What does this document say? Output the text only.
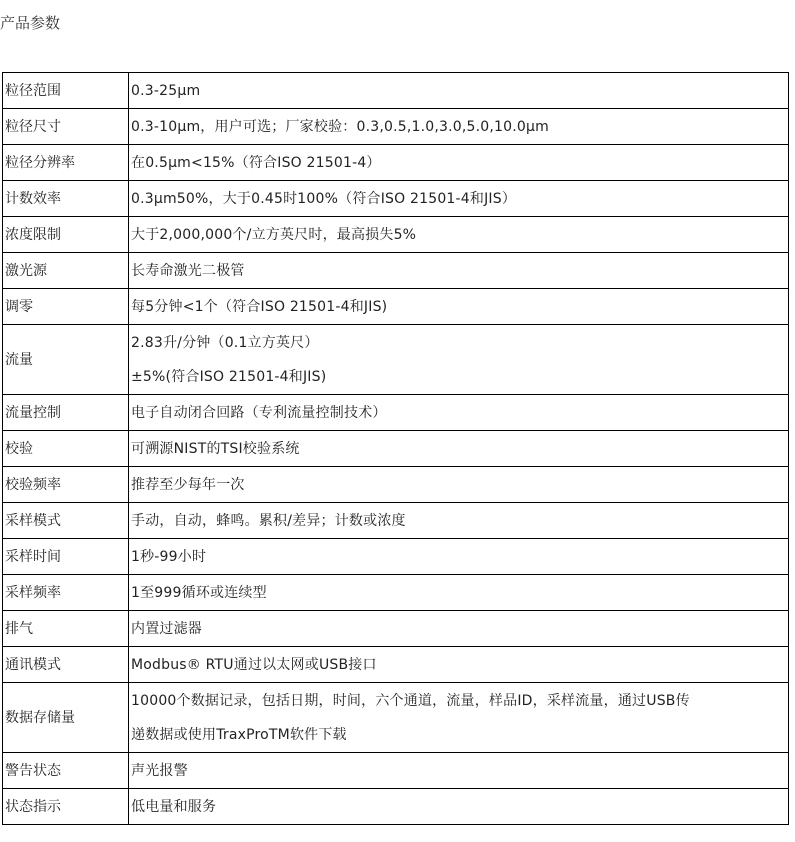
产品参数
粒径范围	0.3-25μm

粒径尺寸	0.3-10μm，用户可选；厂家校验：0.3,0.5,1.0,3.0,5.0,10.0μm

粒径分辨率	在0.5μm<15%（符合ISO 21501-4）

计数效率	0.3μm50%，大于0.45时100%（符合ISO 21501-4和JIS）

浓度限制	大于2,000,000个/立方英尺时，最高损失5%

激光源	长寿命激光二极管

调零	每5分钟<1个（符合ISO 21501-4和JIS)

流量	2.83升/分钟（0.1立方英尺）
±5%(符合ISO 21501-4和JIS)

流量控制	电子自动闭合回路（专利流量控制技术）

校验	可溯源NIST的TSI校验系统

校验频率	推荐至少每年一次

采样模式	手动，自动，蜂鸣。累积/差异；计数或浓度

采样时间	1秒-99小时

采样频率	1至999循环或连续型

排气	内置过滤器

通讯模式	Modbus® RTU通过以太网或USB接口

数据存储量	10000个数据记录，包括日期，时间，六个通道，流量，样品ID，采样流量，通过USB传
递数据或使用TraxProTM软件下载

警告状态	声光报警

状态指示	低电量和服务
